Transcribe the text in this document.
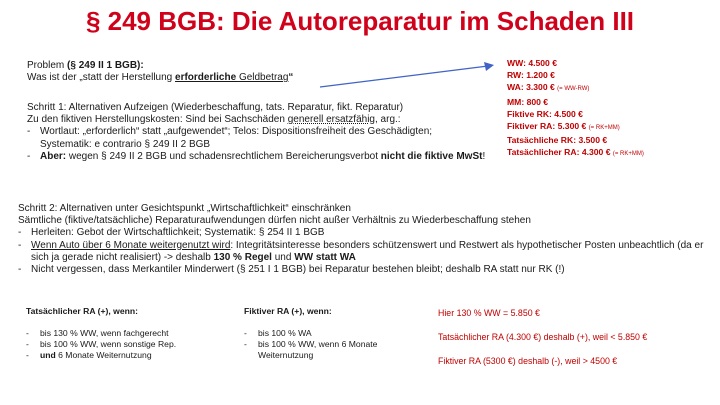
§ 249 BGB: Die Autoreparatur im Schaden III
Problem (§ 249 II 1 BGB):
Was ist der „statt der Herstellung erforderliche Geldbetrag“
WW: 4.500 €
RW: 1.200 €
WA: 3.300 € (= WW-RW)
MM: 800 €
Fiktive RK: 4.500 €
Fiktiver RA: 5.300 € (= RK+MM)
Tatsächliche RK: 3.500 €
Tatsächlicher RA: 4.300 € (= RK+MM)
Schritt 1: Alternativen Aufzeigen (Wiederbeschaffung, tats. Reparatur, fikt. Reparatur)
Zu den fiktiven Herstellungskosten: Sind bei Sachschäden generell ersatzfähig, arg.:
- Wortlaut: „erforderlich“ statt „aufgewendet“; Telos: Dispositionsfreiheit des Geschädigten;
Systematik: e contrario § 249 II 2 BGB
- Aber: wegen § 249 II 2 BGB und schadensrechtlichem Bereicherungsverbot nicht die fiktive MwSt!
Schritt 2: Alternativen unter Gesichtspunkt „Wirtschaftlichkeit“ einschränken
Sämtliche (fiktive/tatsächliche) Reparaturaufwendungen dürfen nicht außer Verhältnis zu Wiederbeschaffung stehen
- Herleiten: Gebot der Wirtschaftlichkeit; Systematik: § 254 II 1 BGB
- Wenn Auto über 6 Monate weitergenutzt wird: Integritätsinteresse besonders schützenswert und Restwert als hypothetischer Posten unbeachtlich (da er sich ja gerade nicht realisiert) -> deshalb 130 % Regel und WW statt WA
- Nicht vergessen, dass Merkantiler Minderwert (§ 251 I 1 BGB) bei Reparatur bestehen bleibt; deshalb RA statt nur RK (!)
Tatsächlicher RA (+), wenn:
- bis 130 % WW, wenn fachgerecht
- bis 100 % WW, wenn sonstige Rep.
- und 6 Monate Weiternutzung
Fiktiver RA (+), wenn:
- bis 100 % WA
- bis 100 % WW, wenn 6 Monate Weiternutzung
Hier 130 % WW = 5.850 €
Tatsächlicher RA (4.300 €) deshalb (+), weil < 5.850 €
Fiktiver RA (5300 €) deshalb (-), weil > 4500 €
